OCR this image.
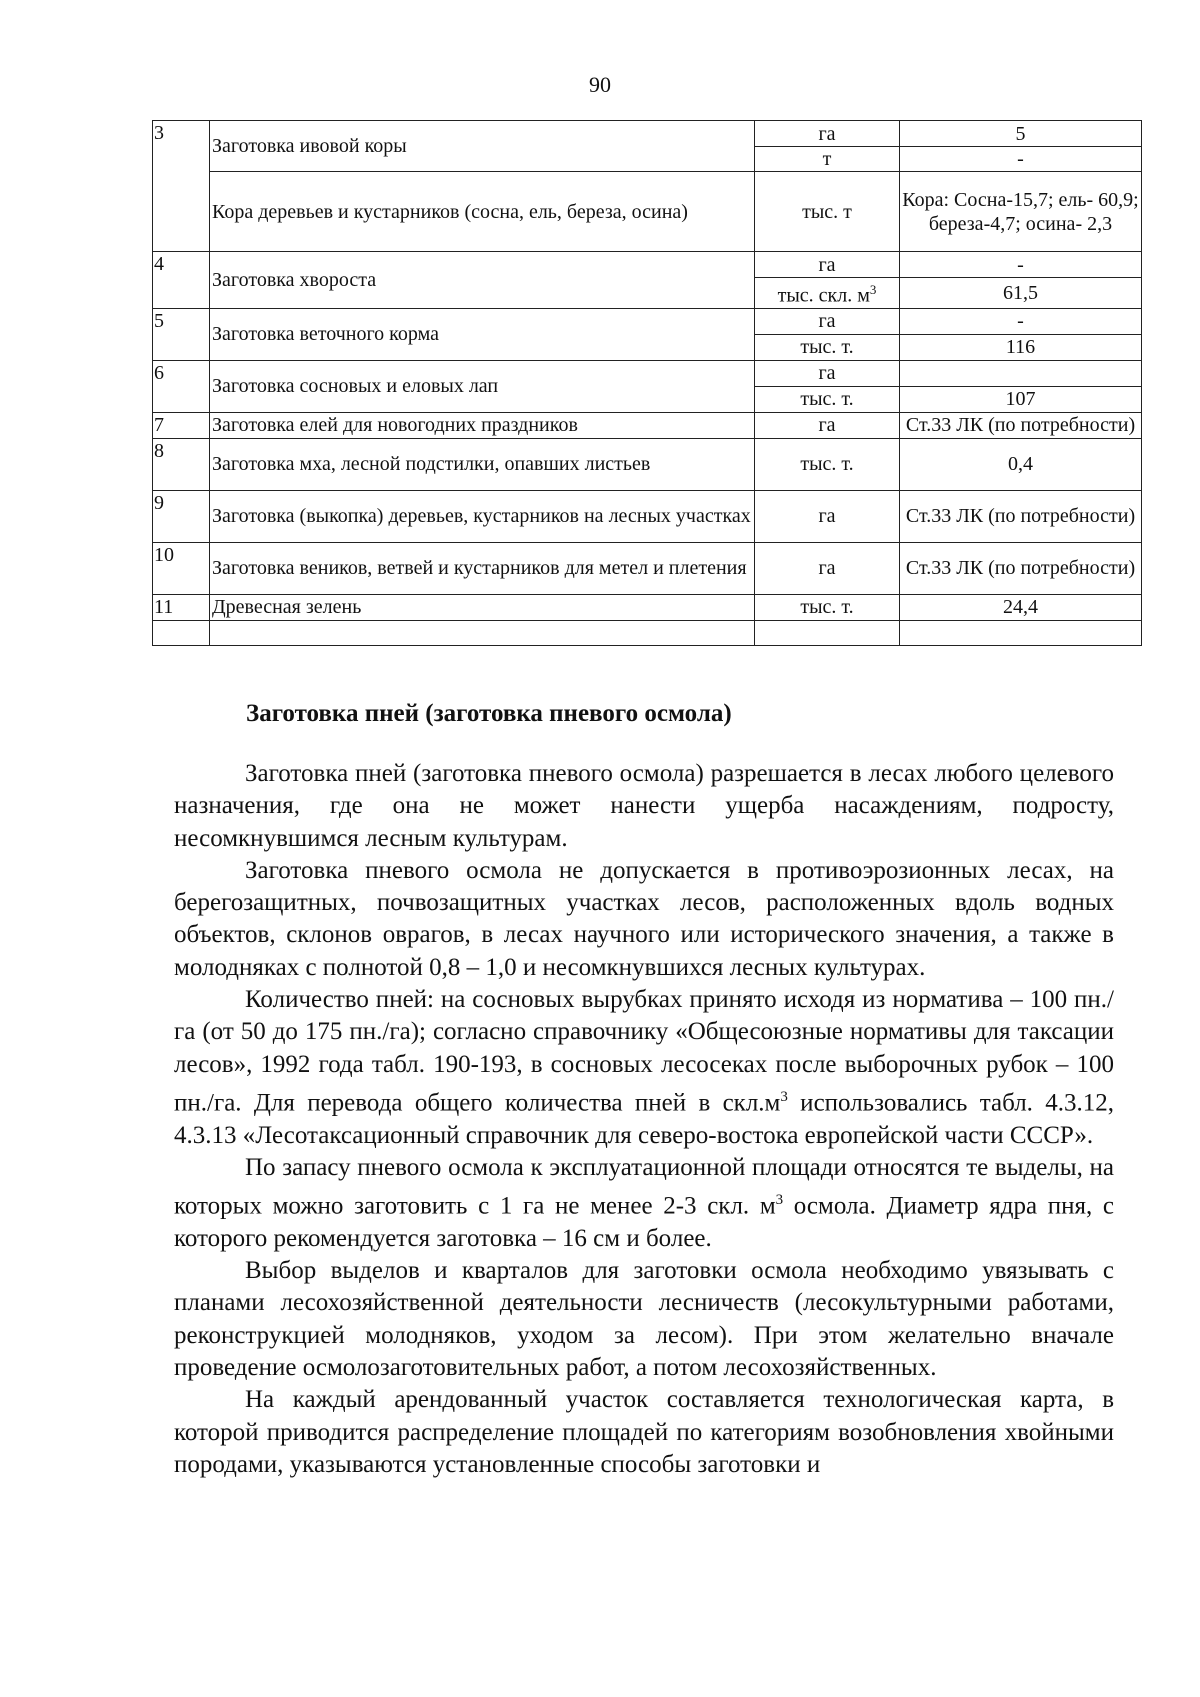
90
3	Заготовка ивовой коры	га	5
		т	-
	Кора деревьев и кустарников (сосна, ель, береза, осина)	тыс. т	Кора: Сосна-15,7; ель- 60,9;
береза-4,7; осина- 2,3

4	Заготовка хвороста	га	-
		тыс. скл. $м^3$	61,5
5	Заготовка веточного корма	га	-
		тыс. т.	116
6	Заготовка сосновых и еловых лап	га	
		тыс. т.	107
7	Заготовка елей для новогодних праздников	га	Ст.33 ЛК (по потребности)
8	Заготовка мха, лесной подстилки, опавших листьев	тыс. т.	0,4
9	Заготовка (выкопка) деревьев, кустарников на лесных участках	га	Ст.33 ЛК (по потребности)
10	Заготовка веников, ветвей и кустарников для метел и плетения	га	Ст.33 ЛК (по потребности)
11	Древесная зелень	тыс. т.	24,4

Заготовка пней (заготовка пневого осмола)

Заготовка пней (заготовка пневого осмола) разрешается в лесах любого целевого назначения, где она не может нанести ущерба насаждениям, подросту, несомкнувшимся лесным культурам.

Заготовка пневого осмола не допускается в противоэрозионных лесах, на берегозащитных, почвозащитных участках лесов, расположенных вдоль водных объектов, склонов оврагов, в лесах научного или исторического значения, а также в молодняках с полнотой 0,8 – 1,0 и несомкнувшихся лесных культурах.

Количество пней: на сосновых вырубках принято исходя из норматива – 100 пн./га (от 50 до 175 пн./га); согласно справочнику «Общесоюзные нормативы для таксации лесов», 1992 года табл. 190-193, в сосновых лесосеках после выборочных рубок – 100 пн./га. Для перевода общего количества пней в $скл.м^3$ использовались табл. 4.3.12, 4.3.13 «Лесотаксационный справочник для северо-востока европейской части СССР».

По запасу пневого осмола к эксплуатационной площади относятся те выделы, на которых можно заготовить с 1 га не менее 2-3 скл. $м^3$ осмола. Диаметр ядра пня, с которого рекомендуется заготовка – 16 см и более.

Выбор выделов и кварталов для заготовки осмола необходимо увязывать с планами лесохозяйственной деятельности лесничеств (лесокультурными работами, реконструкцией молодняков, уходом за лесом). При этом желательно вначале проведение осмолозаготовительных работ, а потом лесохозяйственных.

На каждый арендованный участок составляется технологическая карта, в которой приводится распределение площадей по категориям возобновления хвойными породами, указываются установленные способы заготовки и
